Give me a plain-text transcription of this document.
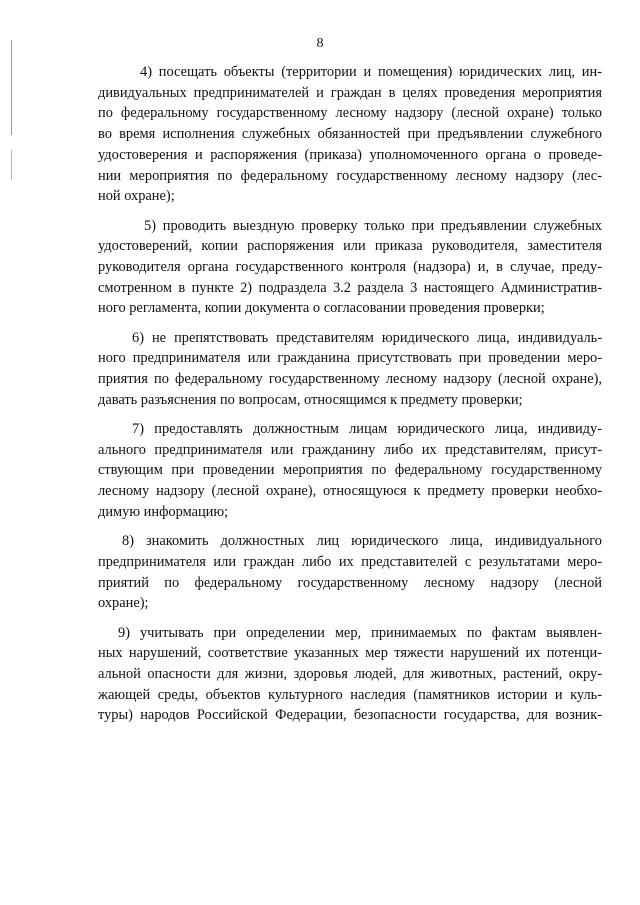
8
4) посещать объекты (территории и помещения) юридических лиц, ин-
дивидуальных предпринимателей и граждан в целях проведения мероприятия
по федеральному государственному лесному надзору (лесной охране) только
во время исполнения служебных обязанностей при предъявлении служебного
удостоверения и распоряжения (приказа) уполномоченного органа о проведе-
нии мероприятия по федеральному государственному лесному надзору (лес-
ной охране);
5) проводить выездную проверку только при предъявлении служебных
удостоверений, копии распоряжения или приказа руководителя, заместителя
руководителя органа государственного контроля (надзора) и, в случае, преду-
смотренном в пункте 2) подраздела 3.2 раздела 3 настоящего Административ-
ного регламента, копии документа о согласовании проведения проверки;
6) не препятствовать представителям юридического лица, индивидуаль-
ного предпринимателя или гражданина присутствовать при проведении меро-
приятия по федеральному государственному лесному надзору (лесной охране),
давать разъяснения по вопросам, относящимся к предмету проверки;
7) предоставлять должностным лицам юридического лица, индивиду-
ального предпринимателя или гражданину либо их представителям, присут-
ствующим при проведении мероприятия по федеральному государственному
лесному надзору (лесной охране), относящуюся к предмету проверки необхо-
димую информацию;
8) знакомить должностных лиц юридического лица, индивидуального
предпринимателя или граждан либо их представителей с результатами меро-
приятий по федеральному государственному лесному надзору (лесной
охране);
9) учитывать при определении мер, принимаемых по фактам выявлен-
ных нарушений, соответствие указанных мер тяжести нарушений их потенци-
альной опасности для жизни, здоровья людей, для животных, растений, окру-
жающей среды, объектов культурного наследия (памятников истории и куль-
туры) народов Российской Федерации, безопасности государства, для возник-
